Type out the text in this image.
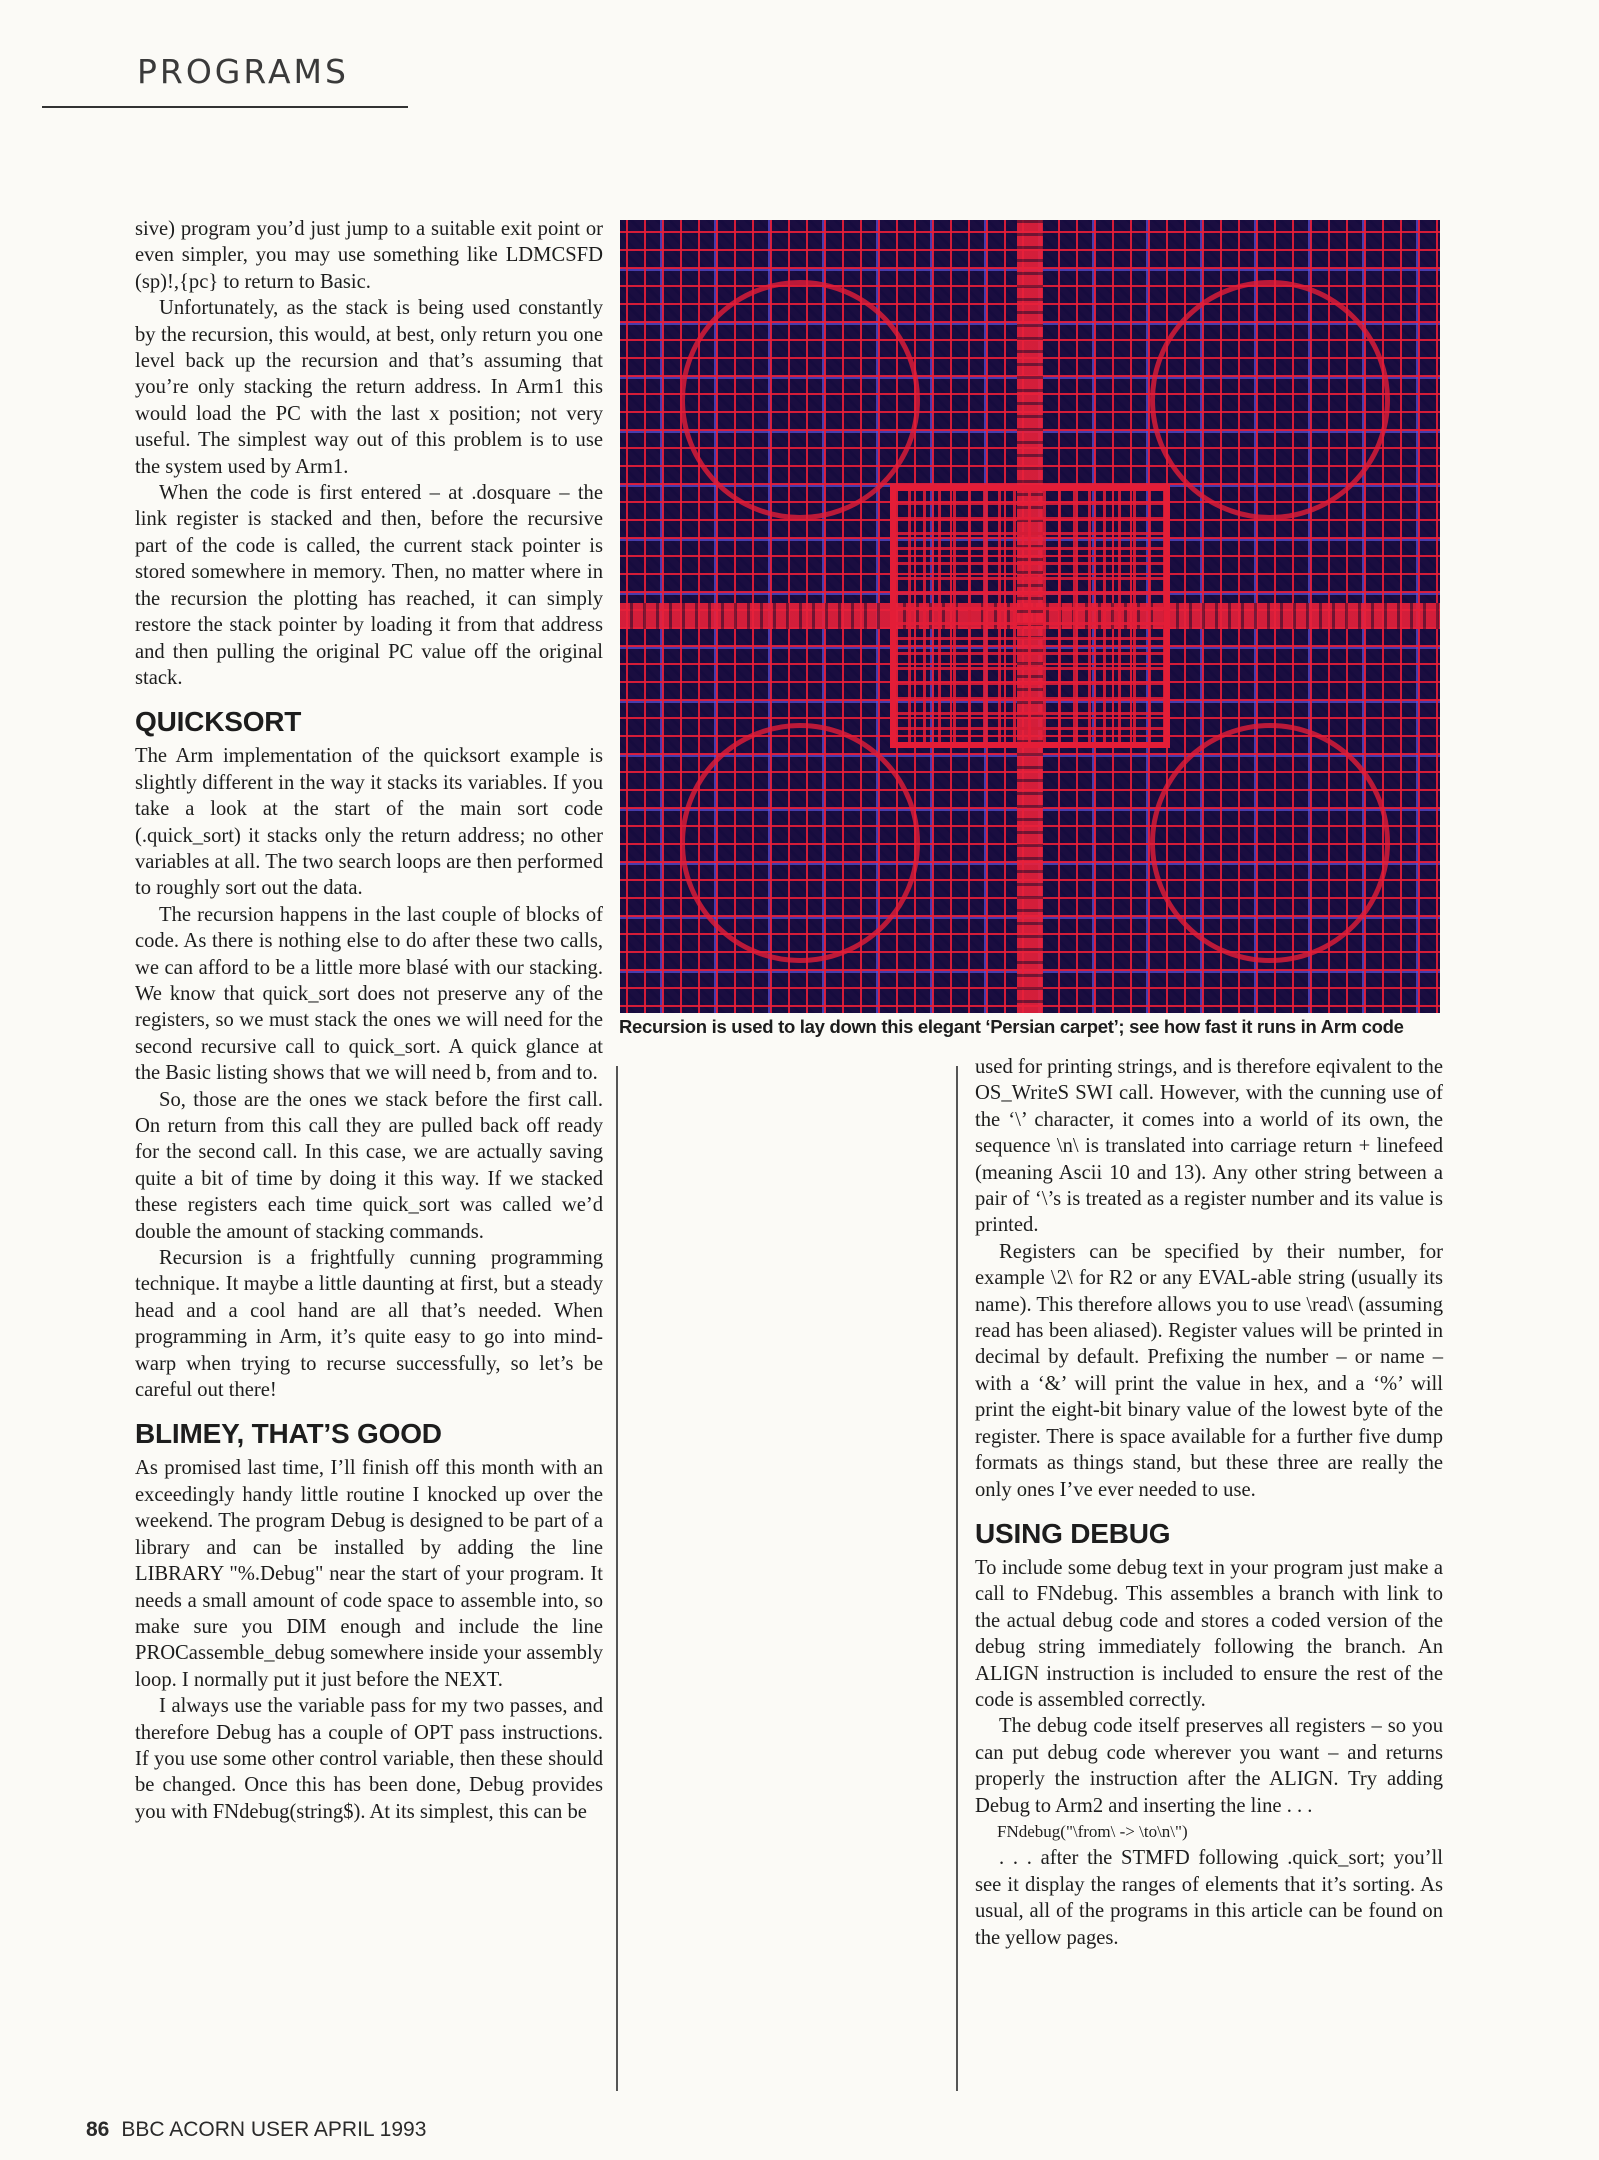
PROGRAMS

sive) program you’d just jump to a suitable exit point or even simpler, you may use something like LDMCSFD (sp)!,{pc} to return to Basic.

Unfortunately, as the stack is being used constantly by the recursion, this would, at best, only return you one level back up the recursion and that’s assuming that you’re only stacking the return address. In Arm1 this would load the PC with the last x position; not very useful. The simplest way out of this problem is to use the system used by Arm1.

When the code is first entered – at .dosquare – the link register is stacked and then, before the recursive part of the code is called, the current stack pointer is stored somewhere in memory. Then, no matter where in the recursion the plotting has reached, it can simply restore the stack pointer by loading it from that address and then pulling the original PC value off the original stack.

QUICKSORT

The Arm implementation of the quicksort example is slightly different in the way it stacks its variables. If you take a look at the start of the main sort code (.quick_sort) it stacks only the return address; no other variables at all. The two search loops are then performed to roughly sort out the data.

The recursion happens in the last couple of blocks of code. As there is nothing else to do after these two calls, we can afford to be a little more blasé with our stacking. We know that quick_sort does not preserve any of the registers, so we must stack the ones we will need for the second recursive call to quick_sort. A quick glance at the Basic listing shows that we will need b, from and to.

So, those are the ones we stack before the first call. On return from this call they are pulled back off ready for the second call. In this case, we are actually saving quite a bit of time by doing it this way. If we stacked these registers each time quick_sort was called we’d double the amount of stacking commands.

Recursion is a frightfully cunning programming technique. It maybe a little daunting at first, but a steady head and a cool hand are all that’s needed. When programming in Arm, it’s quite easy to go into mind-warp when trying to recurse successfully, so let’s be careful out there!

BLIMEY, THAT’S GOOD

As promised last time, I’ll finish off this month with an exceedingly handy little routine I knocked up over the weekend. The program Debug is designed to be part of a library and can be installed by adding the line LIBRARY "%.Debug" near the start of your program. It needs a small amount of code space to assemble into, so make sure you DIM enough and include the line PROCassemble_debug somewhere inside your assembly loop. I normally put it just before the NEXT.

I always use the variable pass for my two passes, and therefore Debug has a couple of OPT pass instructions. If you use some other control variable, then these should be changed. Once this has been done, Debug provides you with FNdebug(string$). At its simplest, this can be

Recursion is used to lay down this elegant ‘Persian carpet’; see how fast it runs in Arm code

used for printing strings, and is therefore eqivalent to the OS_WriteS SWI call. However, with the cunning use of the ‘\’ character, it comes into a world of its own, the sequence \n\ is translated into carriage return + linefeed (meaning Ascii 10 and 13). Any other string between a pair of ‘\’s is treated as a register number and its value is printed.

Registers can be specified by their number, for example \2\ for R2 or any EVAL-able string (usually its name). This therefore allows you to use \read\ (assuming read has been aliased). Register values will be printed in decimal by default. Prefixing the number – or name – with a ‘&’ will print the value in hex, and a ‘%’ will print the eight-bit binary value of the lowest byte of the register. There is space available for a further five dump formats as things stand, but these three are really the only ones I’ve ever needed to use.

USING DEBUG

To include some debug text in your program just make a call to FNdebug. This assembles a branch with link to the actual debug code and stores a coded version of the debug string immediately following the branch. An ALIGN instruction is included to ensure the rest of the code is assembled correctly.

The debug code itself preserves all registers – so you can put debug code wherever you want – and returns properly the instruction after the ALIGN. Try adding Debug to Arm2 and inserting the line . . .

FNdebug("\from\ -> \to\n\")

. . . after the STMFD following .quick_sort; you’ll see it display the ranges of elements that it’s sorting. As usual, all of the programs in this article can be found on the yellow pages.

86 BBC ACORN USER APRIL 1993
